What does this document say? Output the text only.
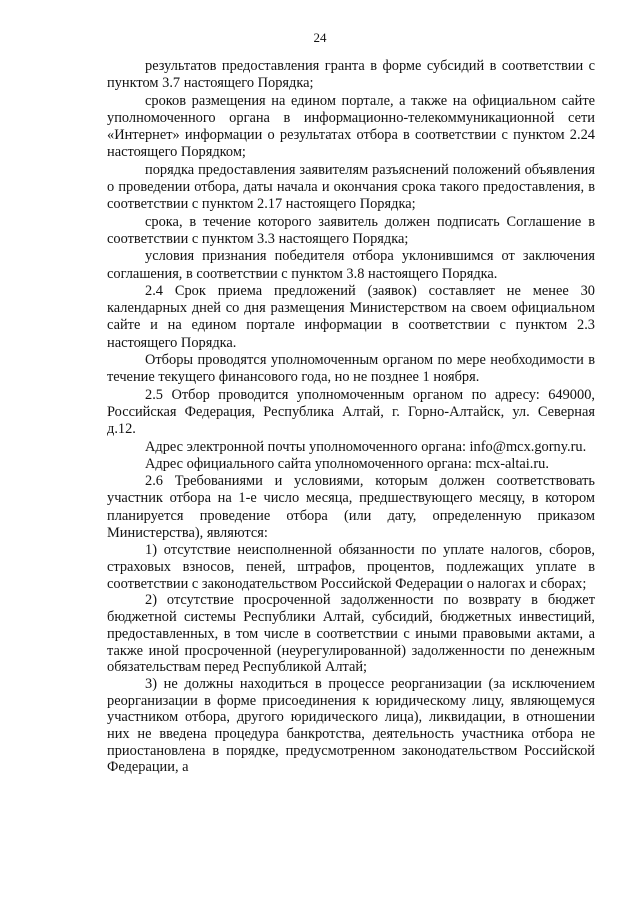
24

результатов предоставления гранта в форме субсидий в соответствии с пунктом 3.7 настоящего Порядка;

сроков размещения на едином портале, а также на официальном сайте уполномоченного органа в информационно-телекоммуникационной сети «Интернет» информации о результатах отбора в соответствии с пунктом 2.24 настоящего Порядком;

порядка предоставления заявителям разъяснений положений объявления о проведении отбора, даты начала и окончания срока такого предоставления, в соответствии с пунктом 2.17 настоящего Порядка;

срока, в течение которого заявитель должен подписать Соглашение в соответствии с пунктом 3.3 настоящего Порядка;

условия признания победителя отбора уклонившимся от заключения соглашения, в соответствии с пунктом 3.8 настоящего Порядка.

2.4 Срок приема предложений (заявок) составляет не менее 30 календарных дней со дня размещения Министерством на своем официальном сайте и на едином портале информации в соответствии с пунктом 2.3 настоящего Порядка.

Отборы проводятся уполномоченным органом по мере необходимости в течение текущего финансового года, но не позднее 1 ноября.

2.5 Отбор проводится уполномоченным органом по адресу: 649000, Российская Федерация, Республика Алтай, г. Горно-Алтайск, ул. Северная д.12.

Адрес электронной почты уполномоченного органа: info@mcx.gorny.ru.

Адрес официального сайта уполномоченного органа: mcx-altai.ru.

2.6 Требованиями и условиями, которым должен соответствовать участник отбора на 1-е число месяца, предшествующего месяцу, в котором планируется проведение отбора (или дату, определенную приказом Министерства), являются:

1) отсутствие неисполненной обязанности по уплате налогов, сборов, страховых взносов, пеней, штрафов, процентов, подлежащих уплате в соответствии с законодательством Российской Федерации о налогах и сборах;

2) отсутствие просроченной задолженности по возврату в бюджет бюджетной системы Республики Алтай, субсидий, бюджетных инвестиций, предоставленных, в том числе в соответствии с иными правовыми актами, а также иной просроченной (неурегулированной) задолженности по денежным обязательствам перед Республикой Алтай;

3) не должны находиться в процессе реорганизации (за исключением реорганизации в форме присоединения к юридическому лицу, являющемуся участником отбора, другого юридического лица), ликвидации, в отношении них не введена процедура банкротства, деятельность участника отбора не приостановлена в порядке, предусмотренном законодательством Российской Федерации, а
